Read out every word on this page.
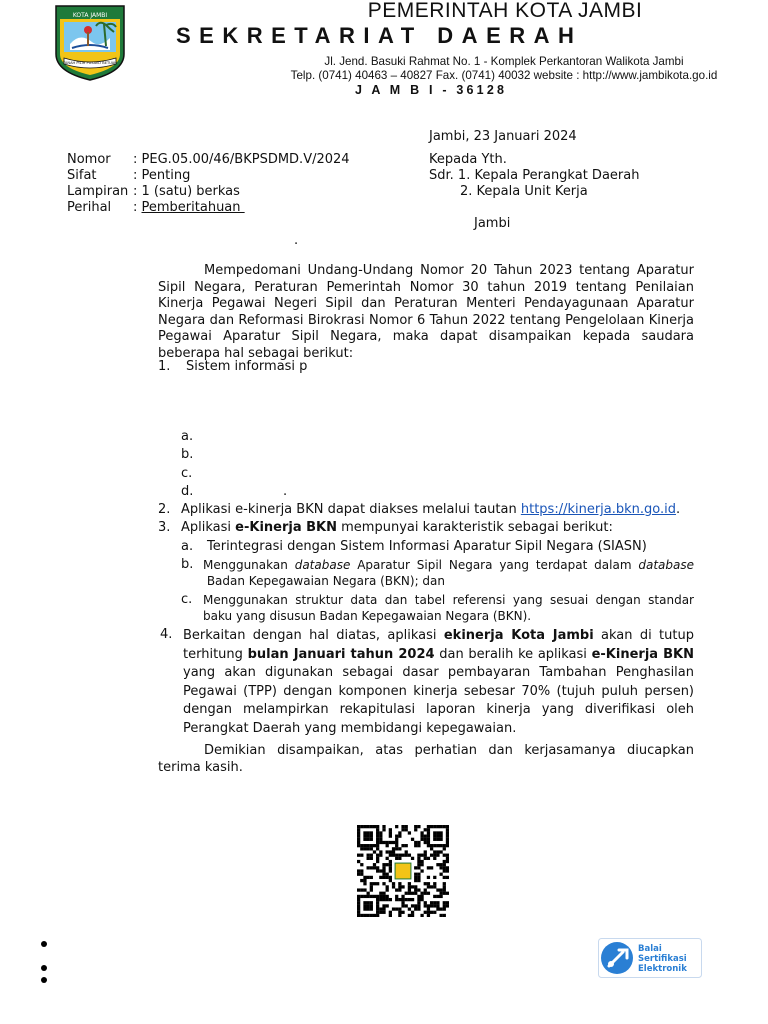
KOTA JAMBI
TANAH PILIH PUSAKO BETUAH
PEMERINTAH KOTA JAMBI
SEKRETARIAT DAERAH
Jl. Jend. Basuki Rahmat No. 1 - Komplek Perkantoran Walikota Jambi
Telp. (0741) 40463 – 40827 Fax. (0741) 40032 website : http://www.jambikota.go.id
J A M B I - 36128
Jambi, 23 Januari 2024
Nomor : PEG.05.00/46/BKPSDMD.V/2024
Sifat	: Penting
Lampiran : 1 (satu) berkas
Perihal : Pemberitahuan
Kepada Yth.
Sdr. 1. Kepala Perangkat Daerah
2. Kepala Unit Kerja
Jambi
.

Mempedomani Undang-Undang Nomor 20 Tahun 2023 tentang Aparatur Sipil Negara, Peraturan Pemerintah Nomor 30 tahun 2019 tentang Penilaian Kinerja Pegawai Negeri Sipil dan Peraturan Menteri Pendayagunaan Aparatur Negara dan Reformasi Birokrasi Nomor 6 Tahun 2022 tentang Pengelolaan Kinerja Pegawai Aparatur Sipil Negara, maka dapat disampaikan kepada saudara beberapa hal sebagai berikut:

1. Sistem informasi p
a.
b.
c.
d.	.
2. Aplikasi e-kinerja BKN dapat diakses melalui tautan https://kinerja.bkn.go.id.
3. Aplikasi e-Kinerja BKN mempunyai karakteristik sebagai berikut:
a. Terintegrasi dengan Sistem Informasi Aparatur Sipil Negara (SIASN)
b. Menggunakan database Aparatur Sipil Negara yang terdapat dalam database Badan Kepegawaian Negara (BKN); dan

c. Menggunakan struktur data dan tabel referensi yang sesuai dengan standar baku yang disusun Badan Kepegawaian Negara (BKN).

4. Berkaitan dengan hal diatas, aplikasi ekinerja Kota Jambi akan di tutup terhitung bulan Januari tahun 2024 dan beralih ke aplikasi e-Kinerja BKN yang akan digunakan sebagai dasar pembayaran Tambahan Penghasilan Pegawai (TPP) dengan komponen kinerja sebesar 70% (tujuh puluh persen) dengan melampirkan rekapitulasi laporan kinerja yang diverifikasi oleh Perangkat Daerah yang membidangi kepegawaian.

Demikian disampaikan, atas perhatian dan kerjasamanya diucapkan terima kasih.

Balai
Sertifikasi
Elektronik
